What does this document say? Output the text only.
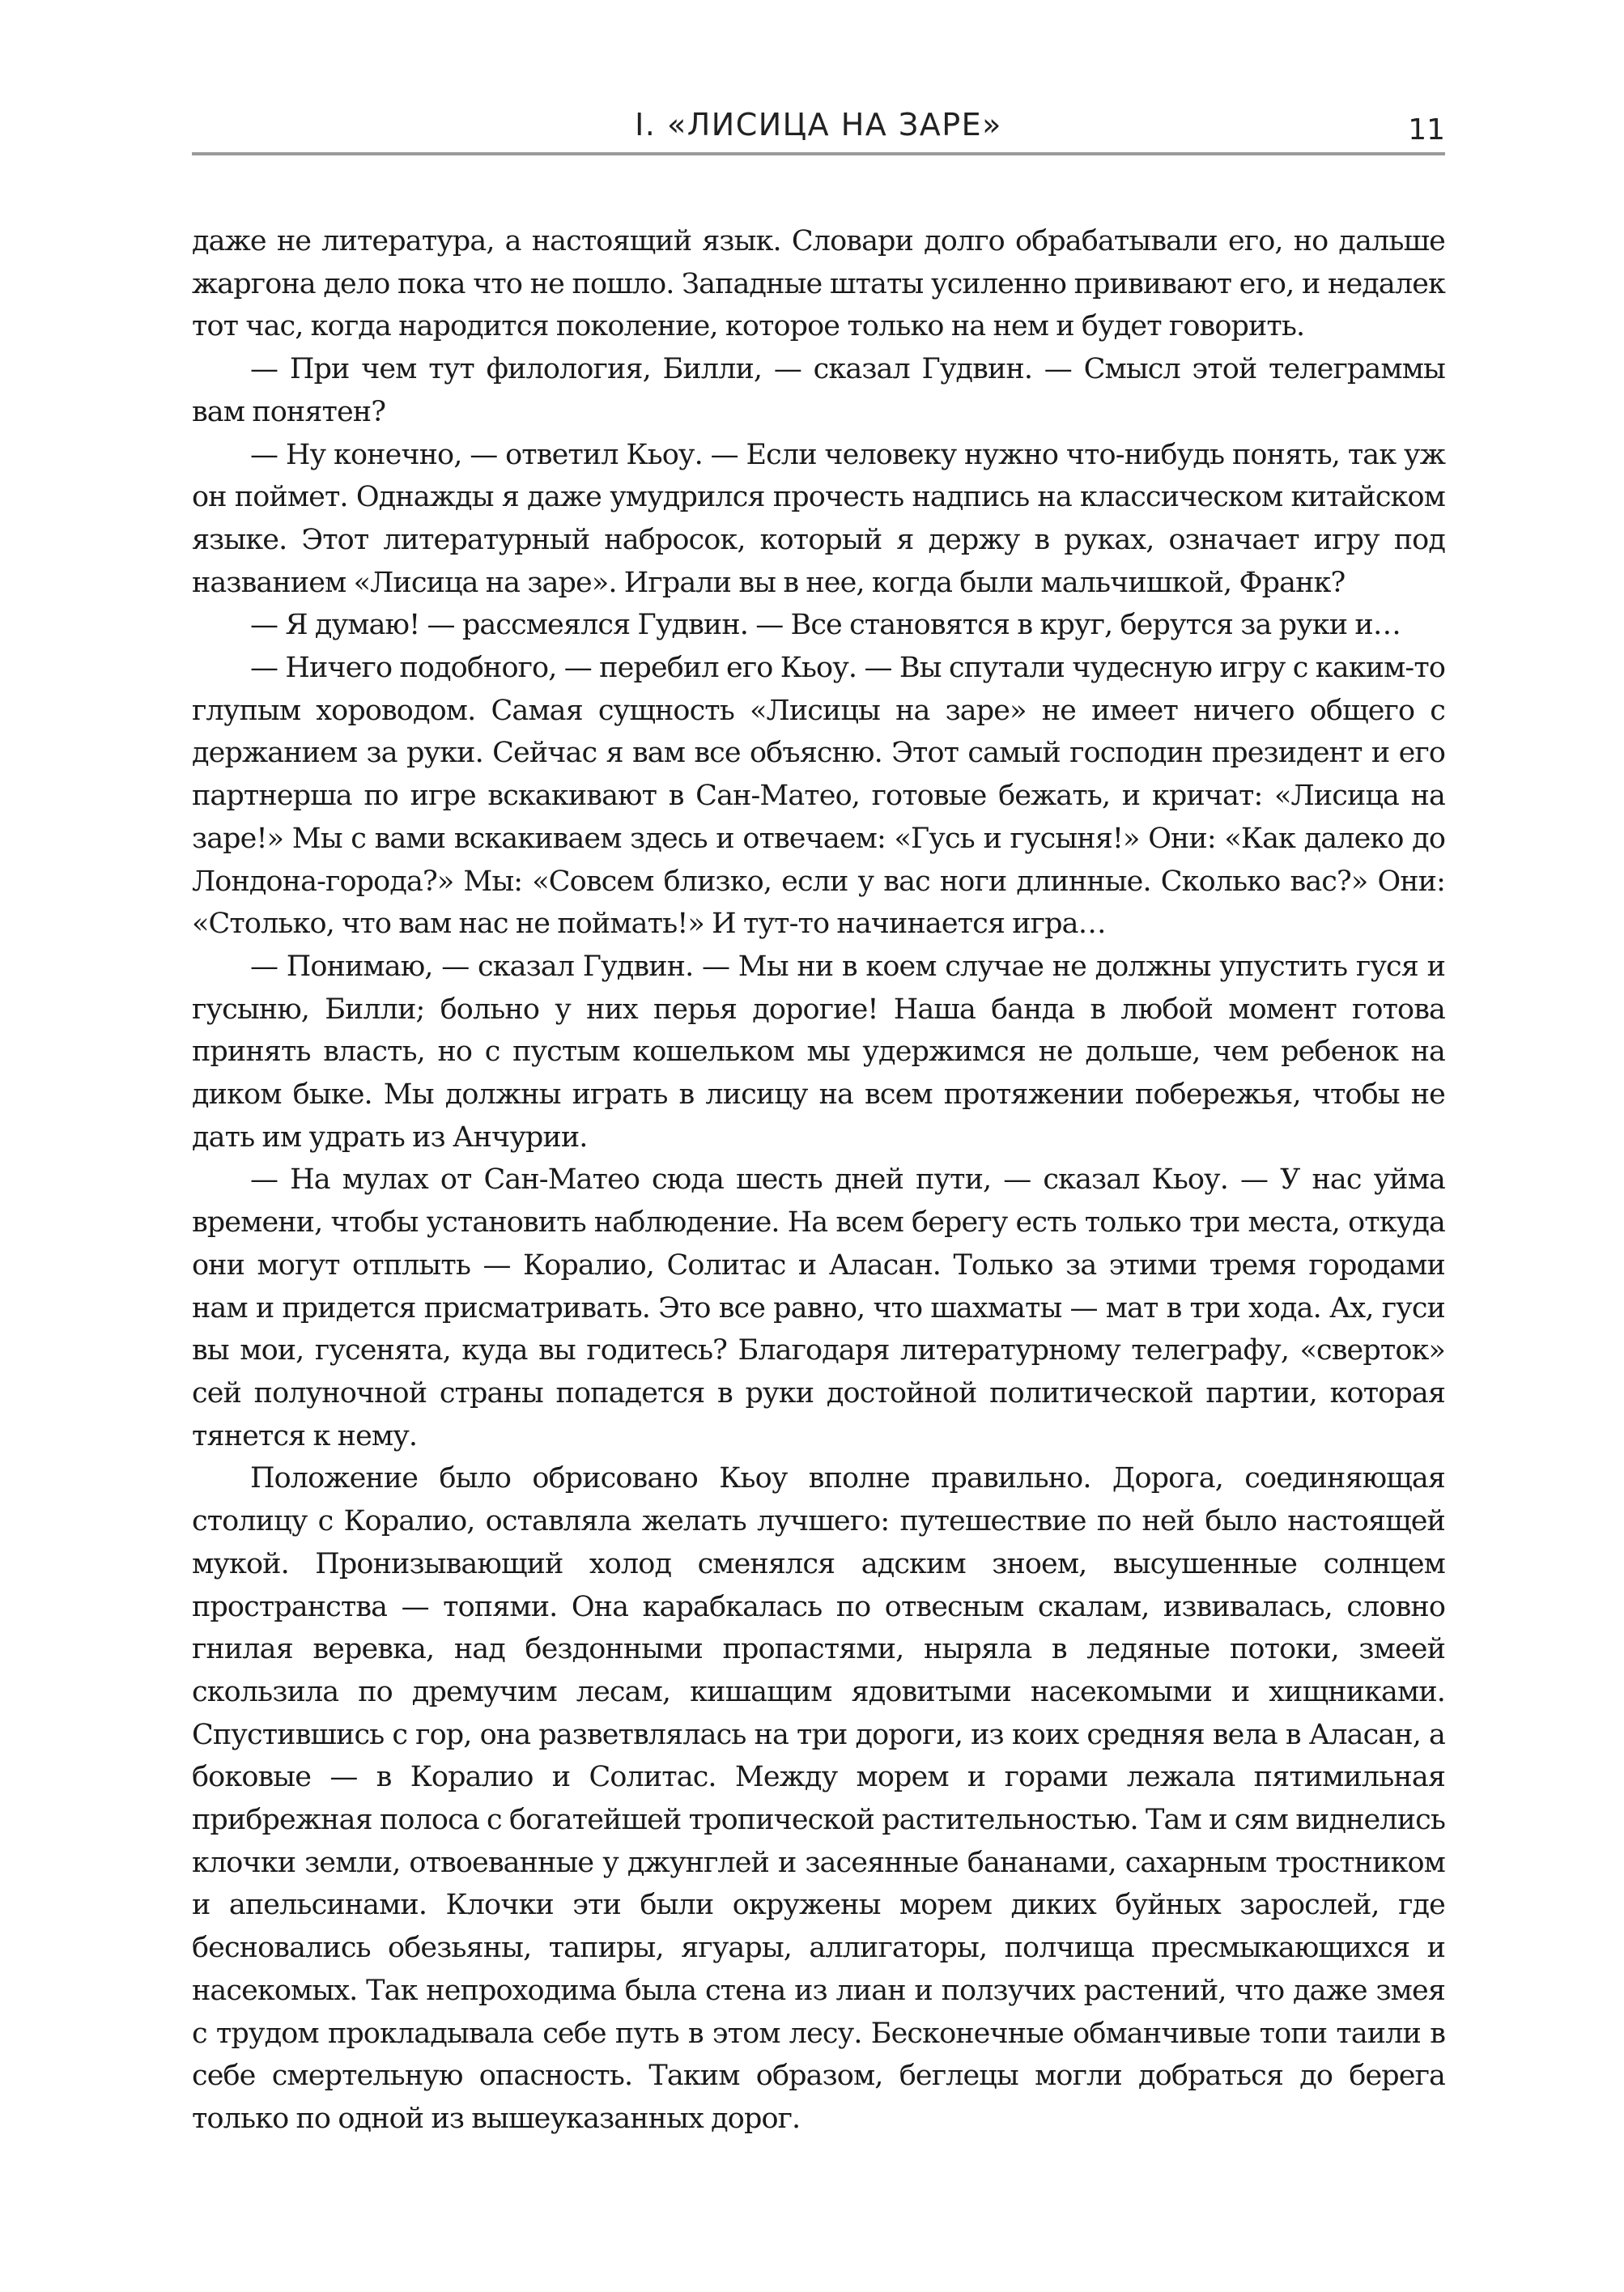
I. «ЛИСИЦА НА ЗАРЕ»	11

даже не литература, а настоящий язык. Словари долго обрабатывали его, но дальше жаргона дело пока что не пошло. Западные штаты усиленно прививают его, и недалек тот час, когда народится поколение, которое только на нем и будет говорить.

— При чем тут филология, Билли, — сказал Гудвин. — Смысл этой телеграммы вам понятен?

— Ну конечно, — ответил Кьоу. — Если человеку нужно что-нибудь понять, так уж он поймет. Однажды я даже умудрился прочесть надпись на классическом китайском языке. Этот литературный набросок, который я держу в руках, означает игру под названием «Лисица на заре». Играли вы в нее, когда были мальчишкой, Франк?

— Я думаю! — рассмеялся Гудвин. — Все становятся в круг, берутся за руки и…

— Ничего подобного, — перебил его Кьоу. — Вы спутали чудесную игру с каким-то глупым хороводом. Самая сущность «Лисицы на заре» не имеет ничего общего с держанием за руки. Сейчас я вам все объясню. Этот самый господин президент и его партнерша по игре вскакивают в Сан-Матео, готовые бежать, и кричат: «Лисица на заре!» Мы с вами вскакиваем здесь и отвечаем: «Гусь и гусыня!» Они: «Как далеко до Лондона-города?» Мы: «Совсем близко, если у вас ноги длинные. Сколько вас?» Они: «Столько, что вам нас не поймать!» И тут-то начинается игра…

— Понимаю, — сказал Гудвин. — Мы ни в коем случае не должны упустить гуся и гусыню, Билли; больно у них перья дорогие! Наша банда в любой момент готова принять власть, но с пустым кошельком мы удержимся не дольше, чем ребенок на диком быке. Мы должны играть в лисицу на всем протяжении побережья, чтобы не дать им удрать из Анчурии.

— На мулах от Сан-Матео сюда шесть дней пути, — сказал Кьоу. — У нас уйма времени, чтобы установить наблюдение. На всем берегу есть только три места, откуда они могут отплыть — Коралио, Солитас и Аласан. Только за этими тремя городами нам и придется присматривать. Это все равно, что шахматы — мат в три хода. Ах, гуси вы мои, гусенята, куда вы годитесь? Благодаря литературному телеграфу, «сверток» сей полуночной страны попадется в руки достойной политической партии, которая тянется к нему.

Положение было обрисовано Кьоу вполне правильно. Дорога, соединяющая столицу с Коралио, оставляла желать лучшего: путешествие по ней было настоящей мукой. Пронизывающий холод сменялся адским зноем, высушенные солнцем пространства — топями. Она карабкалась по отвесным скалам, извивалась, словно гнилая веревка, над бездонными пропастями, ныряла в ледяные потоки, змеей скользила по дремучим лесам, кишащим ядовитыми насекомыми и хищниками. Спустившись с гор, она разветвлялась на три дороги, из коих средняя вела в Аласан, а боковые — в Коралио и Солитас. Между морем и горами лежала пятимильная прибрежная полоса с богатейшей тропической растительностью. Там и сям виднелись клочки земли, отвоеванные у джунглей и засеянные бананами, сахарным тростником и апельсинами. Клочки эти были окружены морем диких буйных зарослей, где бесновались обезьяны, тапиры, ягуары, аллигаторы, полчища пресмыкающихся и насекомых. Так непроходима была стена из лиан и ползучих растений, что даже змея с трудом прокладывала себе путь в этом лесу. Бесконечные обманчивые топи таили в себе смертельную опасность. Таким образом, беглецы могли добраться до берега только по одной из вышеуказанных дорог.
